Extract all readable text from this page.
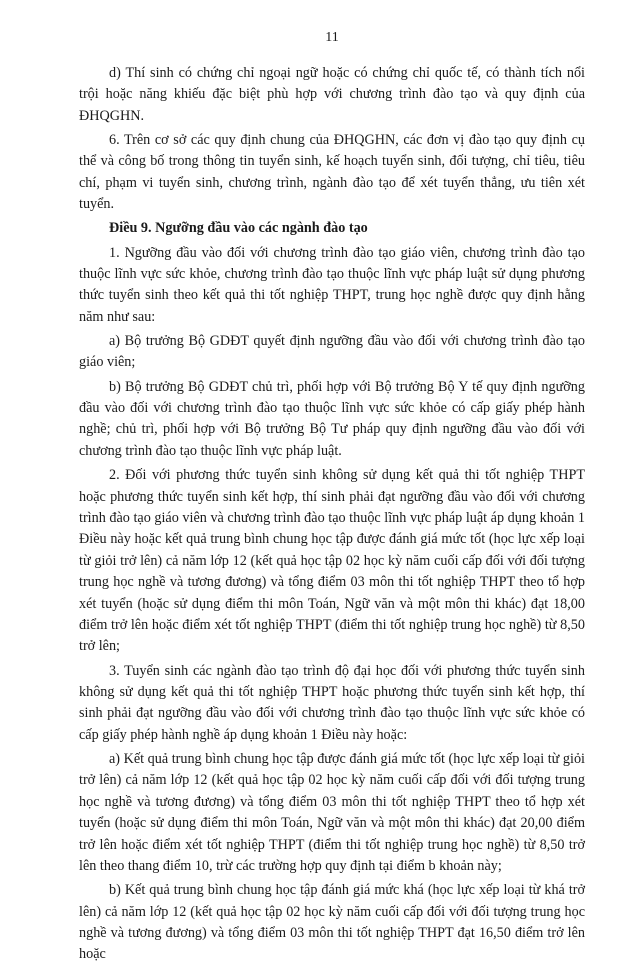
11

d) Thí sinh có chứng chỉ ngoại ngữ hoặc có chứng chỉ quốc tế, có thành tích nổi trội hoặc năng khiếu đặc biệt phù hợp với chương trình đào tạo và quy định của ĐHQGHN.

6. Trên cơ sở các quy định chung của ĐHQGHN, các đơn vị đào tạo quy định cụ thể và công bố trong thông tin tuyển sinh, kế hoạch tuyển sinh, đối tượng, chỉ tiêu, tiêu chí, phạm vi tuyển sinh, chương trình, ngành đào tạo để xét tuyển thẳng, ưu tiên xét tuyển.

Điều 9. Ngưỡng đầu vào các ngành đào tạo

1. Ngưỡng đầu vào đối với chương trình đào tạo giáo viên, chương trình đào tạo thuộc lĩnh vực sức khỏe, chương trình đào tạo thuộc lĩnh vực pháp luật sử dụng phương thức tuyển sinh theo kết quả thi tốt nghiệp THPT, trung học nghề được quy định hằng năm như sau:

a) Bộ trưởng Bộ GDĐT quyết định ngưỡng đầu vào đối với chương trình đào tạo giáo viên;

b) Bộ trưởng Bộ GDĐT chủ trì, phối hợp với Bộ trưởng Bộ Y tế quy định ngưỡng đầu vào đối với chương trình đào tạo thuộc lĩnh vực sức khỏe có cấp giấy phép hành nghề; chủ trì, phối hợp với Bộ trưởng Bộ Tư pháp quy định ngưỡng đầu vào đối với chương trình đào tạo thuộc lĩnh vực pháp luật.

2. Đối với phương thức tuyển sinh không sử dụng kết quả thi tốt nghiệp THPT hoặc phương thức tuyển sinh kết hợp, thí sinh phải đạt ngưỡng đầu vào đối với chương trình đào tạo giáo viên và chương trình đào tạo thuộc lĩnh vực pháp luật áp dụng khoản 1 Điều này hoặc kết quả trung bình chung học tập được đánh giá mức tốt (học lực xếp loại từ giỏi trở lên) cả năm lớp 12 (kết quả học tập 02 học kỳ năm cuối cấp đối với đối tượng trung học nghề và tương đương) và tổng điểm 03 môn thi tốt nghiệp THPT theo tổ hợp xét tuyển (hoặc sử dụng điểm thi môn Toán, Ngữ văn và một môn thi khác) đạt 18,00 điểm trở lên hoặc điểm xét tốt nghiệp THPT (điểm thi tốt nghiệp trung học nghề) từ 8,50 trở lên;

3. Tuyển sinh các ngành đào tạo trình độ đại học đối với phương thức tuyển sinh không sử dụng kết quả thi tốt nghiệp THPT hoặc phương thức tuyển sinh kết hợp, thí sinh phải đạt ngưỡng đầu vào đối với chương trình đào tạo thuộc lĩnh vực sức khỏe có cấp giấy phép hành nghề áp dụng khoản 1 Điều này hoặc:

a) Kết quả trung bình chung học tập được đánh giá mức tốt (học lực xếp loại từ giỏi trở lên) cả năm lớp 12 (kết quả học tập 02 học kỳ năm cuối cấp đối với đối tượng trung học nghề và tương đương) và tổng điểm 03 môn thi tốt nghiệp THPT theo tổ hợp xét tuyển (hoặc sử dụng điểm thi môn Toán, Ngữ văn và một môn thi khác) đạt 20,00 điểm trở lên hoặc điểm xét tốt nghiệp THPT (điểm thi tốt nghiệp trung học nghề) từ 8,50 trở lên theo thang điểm 10, trừ các trường hợp quy định tại điểm b khoản này;

b) Kết quả trung bình chung học tập đánh giá mức khá (học lực xếp loại từ khá trở lên) cả năm lớp 12 (kết quả học tập 02 học kỳ năm cuối cấp đối với đối tượng trung học nghề và tương đương) và tổng điểm 03 môn thi tốt nghiệp THPT đạt 16,50 điểm trở lên hoặc
